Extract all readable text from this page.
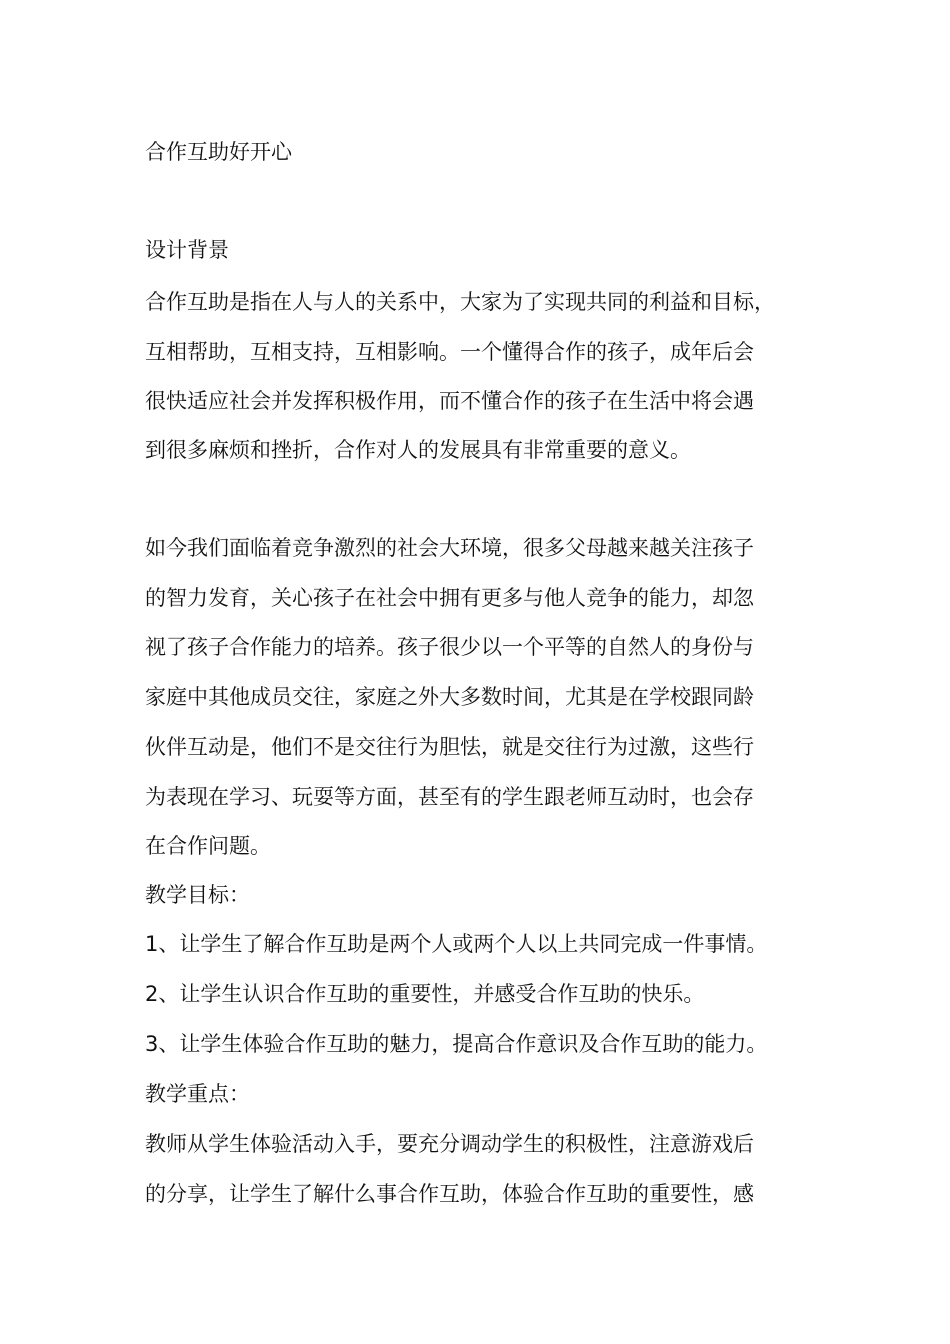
合作互助好开心
设计背景
合作互助是指在人与人的关系中，大家为了实现共同的利益和目标，
互相帮助，互相支持，互相影响。一个懂得合作的孩子，成年后会
很快适应社会并发挥积极作用，而不懂合作的孩子在生活中将会遇
到很多麻烦和挫折，合作对人的发展具有非常重要的意义。
如今我们面临着竞争激烈的社会大环境，很多父母越来越关注孩子
的智力发育，关心孩子在社会中拥有更多与他人竞争的能力，却忽
视了孩子合作能力的培养。孩子很少以一个平等的自然人的身份与
家庭中其他成员交往，家庭之外大多数时间，尤其是在学校跟同龄
伙伴互动是，他们不是交往行为胆怯，就是交往行为过激，这些行
为表现在学习、玩耍等方面，甚至有的学生跟老师互动时，也会存
在合作问题。
教学目标：
1、让学生了解合作互助是两个人或两个人以上共同完成一件事情。
2、让学生认识合作互助的重要性，并感受合作互助的快乐。
3、让学生体验合作互助的魅力，提高合作意识及合作互助的能力。
教学重点：
教师从学生体验活动入手，要充分调动学生的积极性，注意游戏后
的分享，让学生了解什么事合作互助，体验合作互助的重要性，感
